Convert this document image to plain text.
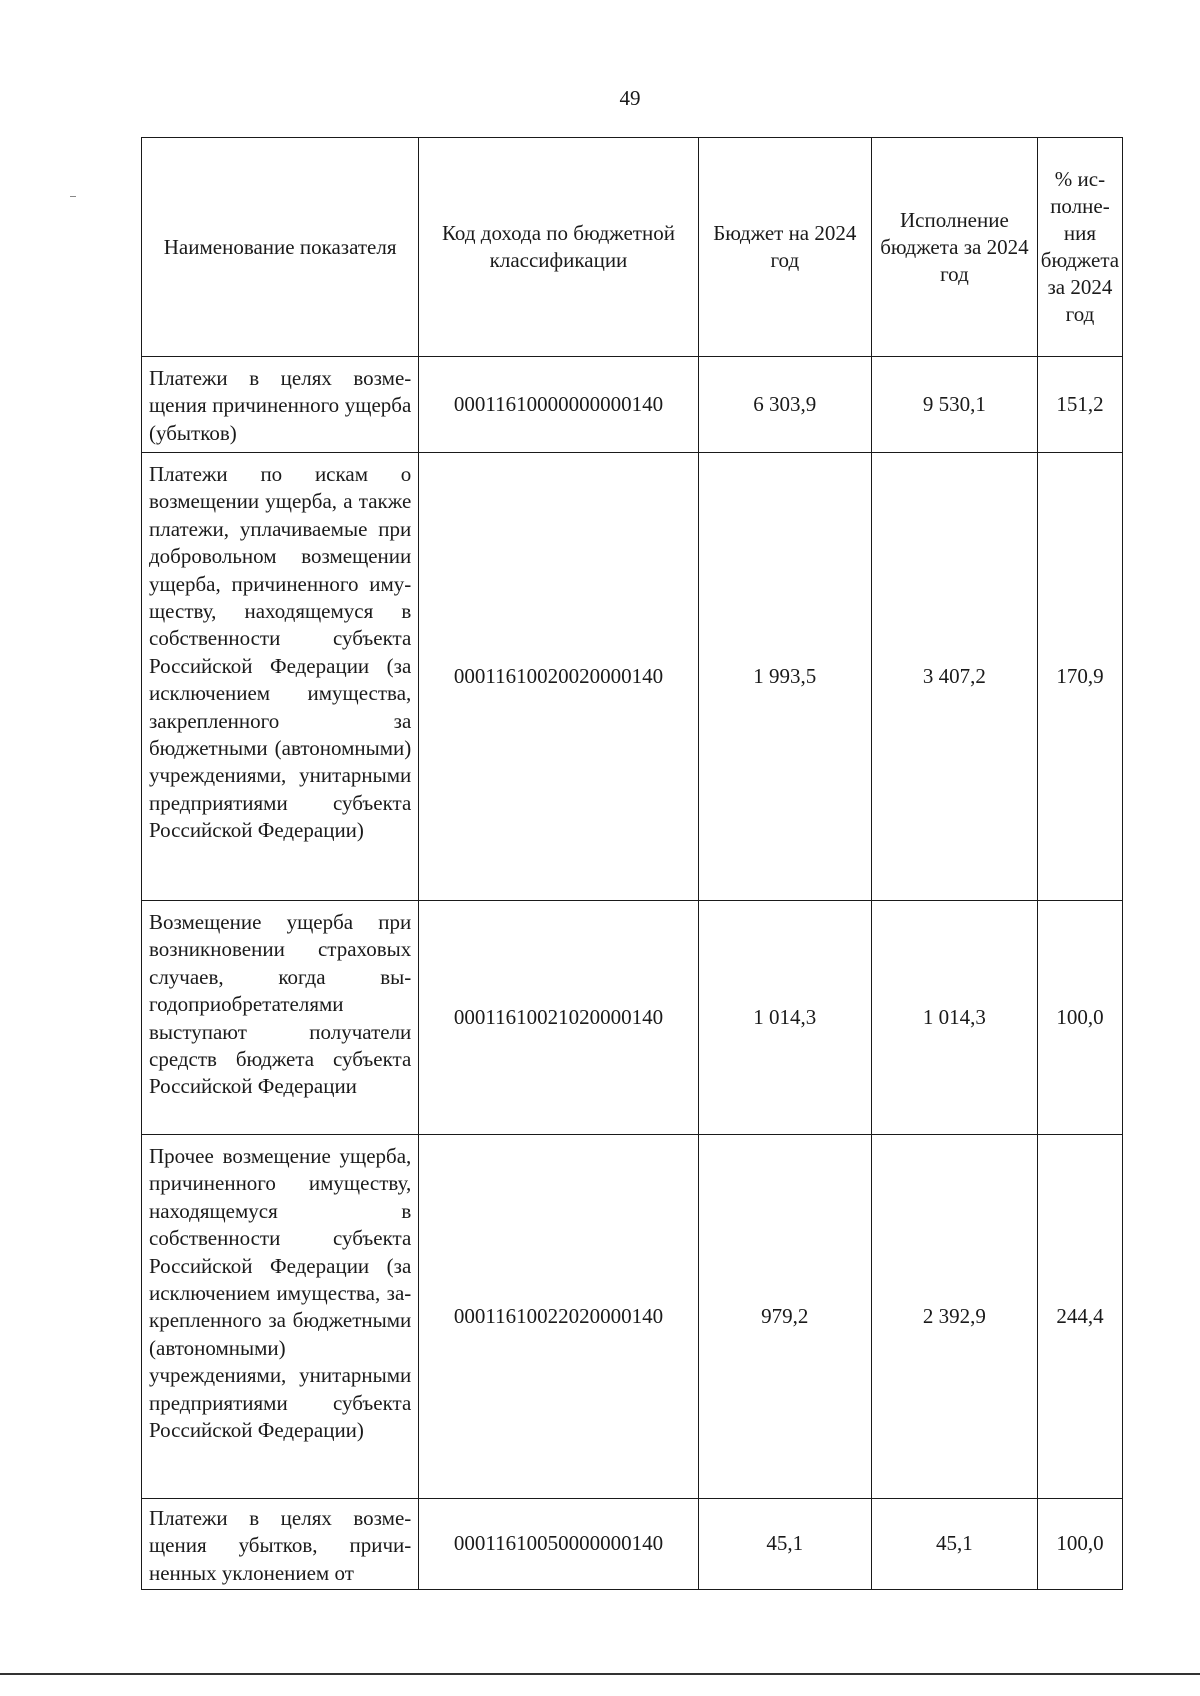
49
Наименование показателя	Код дохода по бюджетной классификации	Бюджет на 2024 год	Исполнение бюджета за 2024 год	% исполнения бюджета за 2024 год
Платежи в целях возмещения причиненного ущерба (убытков)	00011610000000000140	6 303,9	9 530,1	151,2
Платежи по искам о возмещении ущерба, а также платежи, уплачиваемые при добровольном возмещении ущерба, причиненного имуществу, находящемуся в собственности субъекта Российской Федерации (за исключением имущества, закрепленного за бюджетными (автономными) учреждениями, унитарными предприятиями субъекта Российской Федерации)	00011610020020000140	1 993,5	3 407,2	170,9
Возмещение ущерба при возникновении страховых случаев, когда выгодоприобретателями выступают получатели средств бюджета субъекта Российской Федерации	00011610021020000140	1 014,3	1 014,3	100,0
Прочее возмещение ущерба, причиненного имуществу, находящемуся в собственности субъекта Российской Федерации (за исключением имущества, закрепленного за бюджетными (автономными) учреждениями, унитарными предприятиями субъекта Российской Федерации)	00011610022020000140	979,2	2 392,9	244,4
Платежи в целях возмещения убытков, причиненных уклонением от	00011610050000000140	45,1	45,1	100,0
